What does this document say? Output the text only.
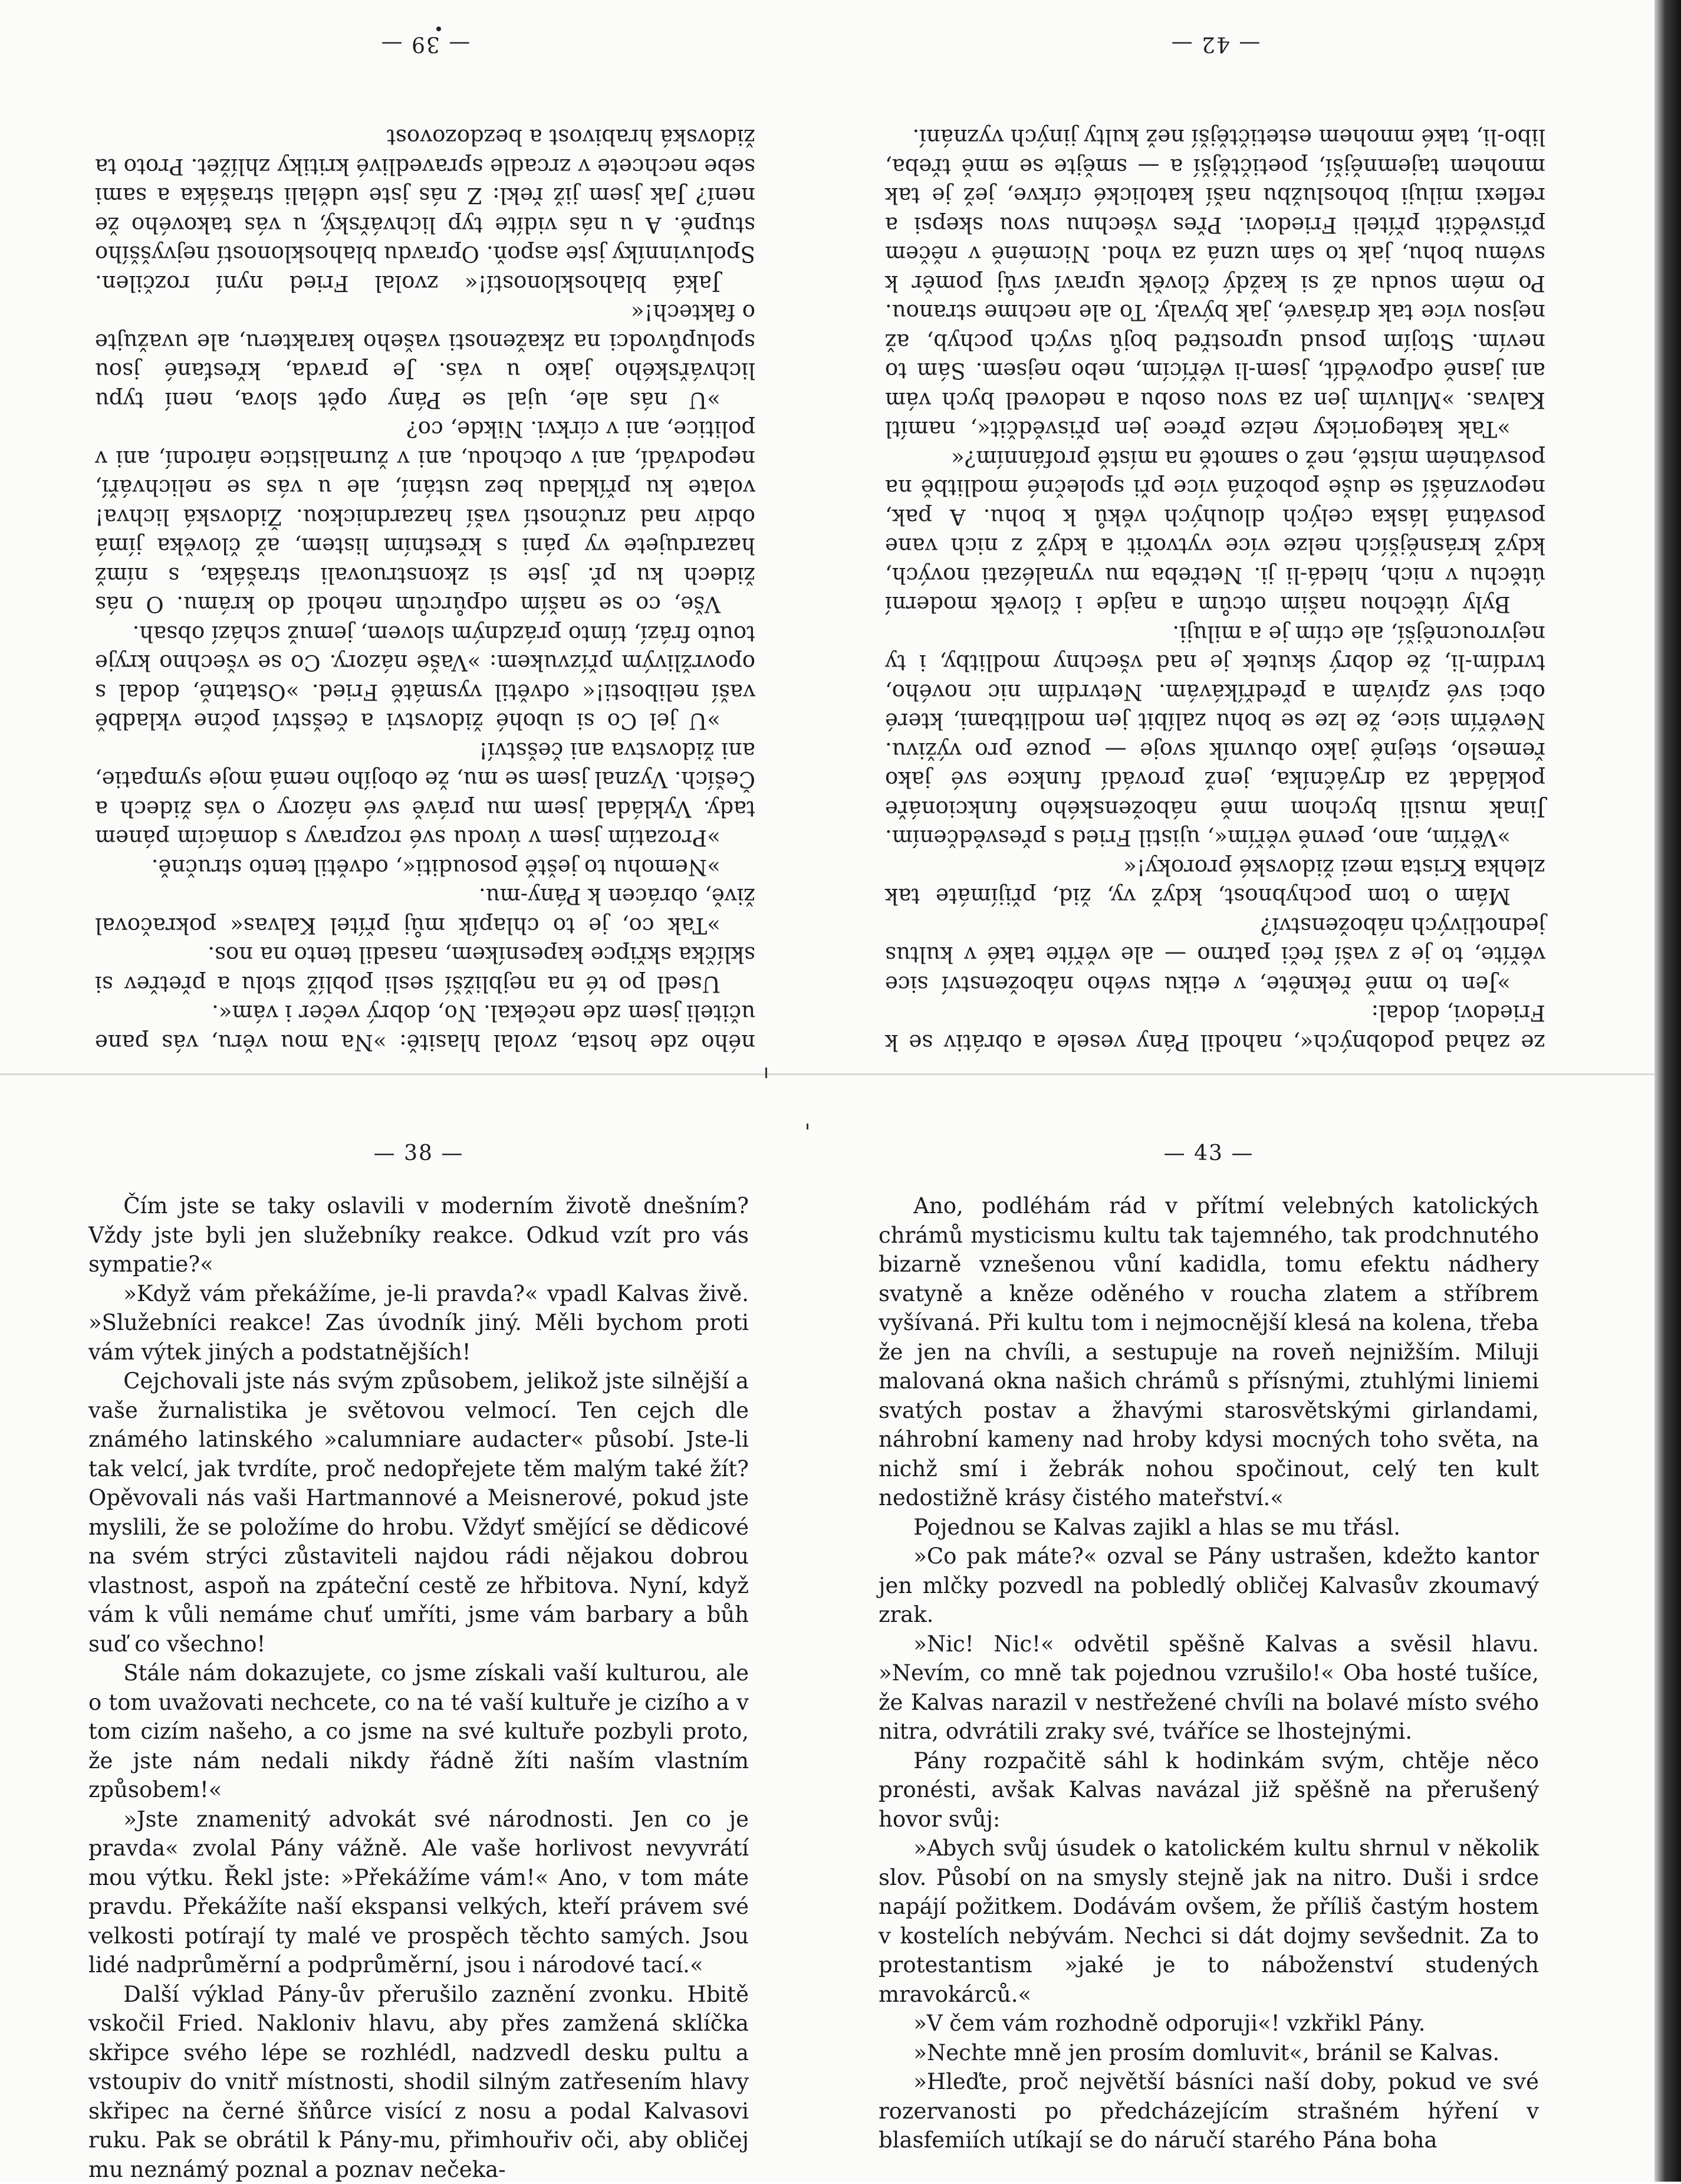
— 39 —

ného zde hosta, zvolal hlasitě: »Na mou věru, vás pane učiteli jsem zde nečekal. No, dobrý večer i vám«.

Usedl po té na nejbližší sesli poblíž stolu a přetřev si sklíčka skřipce kapesníkem, nasadil tento na nos.

»Tak co, je to chlapík můj přítel Kalvas« pokračoval živě, obrácen k Pány-mu.

»Nemohu to ještě posouditi«, odvětil tento stručně.

»Prozatím jsem v úvodu své rozpravy s domácím pánem tady. Vykládal jsem mu právě své názory o vás židech a Češích. Vyznal jsem se mu, že obojího nemá moje sympatie, ani židovstva ani češství!

»U jel Co si ubohé židovstvi a češství počne vkladbě vaší nelibosti!« odvětil vysmátě Fried. »Ostatně, dodal s opovržlivým přízvukem: »Vaše názory. Co se všechno kryje touto frází, tímto prázdným slovem, jemuž schází obsah.

Vše, co se naším odpůrcům nehodí do krámu. O nás židech ku př. jste si zkonstruovali strašáka, s nímž hazardujete vy páni s křesťním listem, až člověka jímá obdiv nad zručností vaší hazardnickou. Židovská lichva! volate ku příkladu bez ustání, ale u vás se nelichváří, nepodvádí, ani v obchodu, ani v žurnalistice národní, ani v politice, ani v církvi. Nikde, co?

»U nás ale, ujal se Pány opět slova, není typu lichvářského jako u vás. Je pravda, křesťané jsou spolupůvodci na zkaženosti vašeho karakteru, ale uvažujte o faktech!«

Jaká blahoskloností!« zvolal Fried nyní rozčilen. Spoluvinníky jste aspoň. Opravdu blahoskloností nejvyššího stupně. A u nás vidíte typ lichvářský, u vás takového že není? Jak jsem již řekl: Z nás jste udělali strašáka a sami sebe nechcete v zrcadle spravedlivé kritiky zhlížet. Proto ta židovská hrabivost a bezdozovost

— 42 —

ze zahad podobných«, nahodil Pány vesele a obrátiv se k Friedovi, dodal:

»Jen to mně řekněte, v etiku svého náboženství sice věříte, to je z vaší řeči patrno — ale věříte také v kultus jednotlivých náboženství?

Mám o tom pochybnost, když vy, žid, přijímáte tak zlehka Krista mezi židovské proroky!«

»Věřím, ano, pevně věřím«, ujistil Fried s přesvědčením. Jinak musili bychom mně náboženského funkcionáře pokládat za dryáčníka, jenž provádí funkce své jako řemeslo, stejně jako obuvník svoje — pouze pro výživu. Nevěřím sice, že lze se bohu zalíbit jen modlitbami, které obci své zpívám a předříkávám. Netvrdím nic nového, tvrdím-li, že dobrý skutek je nad všechny modlitby, i ty nejvroucnější, ale ctím je a miluji.

Byly útěchou našim otcům a najde i člověk moderní útěchu v nich, hledá-li ji. Netřeba mu vynalézati nových, když krásnějších nelze více vytvořit a když z nich vane posvátná láska celých dlouhých věků k bohu. A pak, nepovznáší se duše pobožná více při společné modlitbě na posvátném místě, než o samotě na místě profánním?«

»Tak kategoricky nelze přece jen přisvědčit«, namítl Kalvas. »Mluvím jen za svou osobu a nedovedl bych vám ani jasně odpovědít, jsem-li věřícím, nebo nejsem. Sám to nevím. Stojím posud uprostřed bojů svých pochyb, až nejsou více tak drásavé, jak bývaly. To ale nechme stranou. Po mém soudu až si každý člověk upraví svůj poměr k svému bohu, jak to sám uzná za vhod. Nicméně v něčem přisvědčit příteli Friedovi. Přes všechnu svou skepsi a reflexi miluji bohoslužbu naší katolické církve, jež je tak mnohem tajemnější, poetičtější a — smějte se mně třeba, libo-li, také mnohem estetičtější než kulty jiných vyznání.

— 38 —

Čím jste se taky oslavili v moderním životě dnešním? Vždy jste byli jen služebníky reakce. Odkud vzít pro vás sympatie?«

»Když vám překážíme, je-li pravda?« vpadl Kalvas živě. »Služebníci reakce! Zas úvodník jiný. Měli bychom proti vám výtek jiných a podstatnějších!

Cejchovali jste nás svým způsobem, jelikož jste silnější a vaše žurnalistika je světovou velmocí. Ten cejch dle známého latinského »calumniare audacter« působí. Jste-li tak velcí, jak tvrdíte, proč nedopřejete těm malým také žít? Opěvovali nás vaši Hartmannové a Meisnerové, pokud jste myslili, že se položíme do hrobu. Vždyť smějící se dědicové na svém strýci zůstaviteli najdou rádi nějakou dobrou vlastnost, aspoň na zpáteční cestě ze hřbitova. Nyní, když vám k vůli nemáme chuť umříti, jsme vám barbary a bůh suď co všechno!

Stále nám dokazujete, co jsme získali vaší kulturou, ale o tom uvažovati nechcete, co na té vaší kultuře je cizího a v tom cizím našeho, a co jsme na své kultuře pozbyli proto, že jste nám nedali nikdy řádně žíti naším vlastním způsobem!«

»Jste znamenitý advokát své národnosti. Jen co je pravda« zvolal Pány vážně. Ale vaše horlivost nevyvrátí mou výtku. Řekl jste: »Překážíme vám!« Ano, v tom máte pravdu. Překážíte naší ekspansi velkých, kteří právem své velkosti potírají ty malé ve prospěch těchto samých. Jsou lidé nadprůměrní a podprůměrní, jsou i národové tací.«

Další výklad Pány-ův přerušilo zaznění zvonku. Hbitě vskočil Fried. Nakloniv hlavu, aby přes zamžená sklíčka skřipce svého lépe se rozhlédl, nadzvedl desku pultu a vstoupiv do vnitř místnosti, shodil silným zatřesením hlavy skřipec na černé šňůrce visící z nosu a podal Kalvasovi ruku. Pak se obrátil k Pány-mu, přimhouřiv oči, aby obličej mu neznámý poznal a poznav nečeka-

— 43 —

Ano, podléhám rád v přítmí velebných katolických chrámů mysticismu kultu tak tajemného, tak prodchnutého bizarně vznešenou vůní kadidla, tomu efektu nádhery svatyně a kněze oděného v roucha zlatem a stříbrem vyšívaná. Při kultu tom i nejmocnější klesá na kolena, třeba že jen na chvíli, a sestupuje na roveň nejnižším. Miluji malovaná okna našich chrámů s přísnými, ztuhlými liniemi svatých postav a žhavými starosvětskými girlandami, náhrobní kameny nad hroby kdysi mocných toho světa, na nichž smí i žebrák nohou spočinout, celý ten kult nedostižně krásy čistého mateřství.«

Pojednou se Kalvas zajikl a hlas se mu třásl.

»Co pak máte?« ozval se Pány ustrašen, kdežto kantor jen mlčky pozvedl na pobledlý obličej Kalvasův zkoumavý zrak.

»Nic! Nic!« odvětil spěšně Kalvas a svěsil hlavu. »Nevím, co mně tak pojednou vzrušilo!« Oba hosté tušíce, že Kalvas narazil v nestřežené chvíli na bolavé místo svého nitra, odvrátili zraky své, tváříce se lhostejnými.

Pány rozpačitě sáhl k hodinkám svým, chtěje něco pronésti, avšak Kalvas navázal již spěšně na přerušený hovor svůj:

»Abych svůj úsudek o katolickém kultu shrnul v několik slov. Působí on na smysly stejně jak na nitro. Duši i srdce napájí požitkem. Dodávám ovšem, že příliš častým hostem v kostelích nebývám. Nechci si dát dojmy sevšednit. Za to protestantism »jaké je to náboženství studených mravokárců.«

»V čem vám rozhodně odporuji«! vzkřikl Pány.

»Nechte mně jen prosím domluvit«, bránil se Kalvas.

»Hleďte, proč největší básníci naší doby, pokud ve své rozervanosti po předcházejícím strašném hýření v blasfemiích utíkají se do náručí starého Pána boha
